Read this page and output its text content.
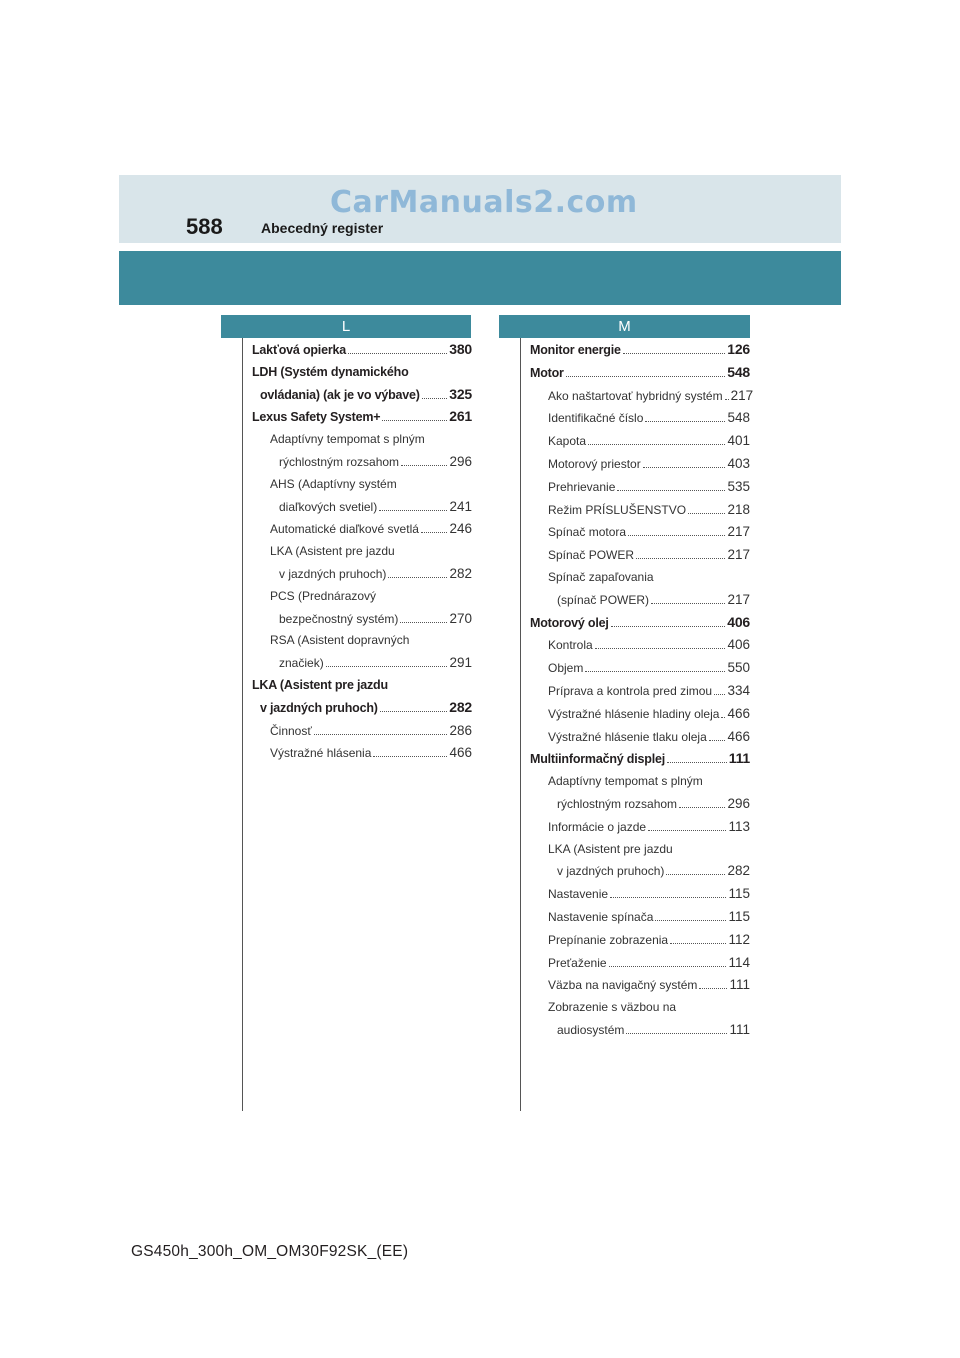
CarManuals2.com
588	Abecedný register
L	M
Lakťová opierka	380
LDH (Systém dynamického
ovládania) (ak je vo výbave) 325
Lexus Safety System+	261
Adaptívny tempomat s plným
rýchlostným rozsahom	296
AHS (Adaptívny systém
diaľkových svetiel)	241
Automatické diaľkové svetlá 246
LKA (Asistent pre jazdu
v jazdných pruhoch)	282
PCS (Prednárazový
bezpečnostný systém)	270
RSA (Asistent dopravných
značiek)	291
LKA (Asistent pre jazdu
v jazdných pruhoch)	282
Činnosť	286
Výstražné hlásenia	466
Monitor energie	126
Motor	548
Ako naštartovať hybridný systém 217
Identifikačné číslo	548
Kapota	401
Motorový priestor	403
Prehrievanie	535
Režim PRÍSLUŠENSTVO	218
Spínač motora	217
Spínač POWER	217
Spínač zapaľovania
(spínač POWER)	217
Motorový olej	406
Kontrola	406
Objem	550
Príprava a kontrola pred zimou 334
Výstražné hlásenie hladiny oleja 466
Výstražné hlásenie tlaku oleja 466
Multiinformačný displej	111
Adaptívny tempomat s plným
rýchlostným rozsahom	296
Informácie o jazde	113
LKA (Asistent pre jazdu
v jazdných pruhoch)	282
Nastavenie	115
Nastavenie spínača	115
Prepínanie zobrazenia	112
Preťaženie	114
Väzba na navigačný systém 111
Zobrazenie s väzbou na
audiosystém	111
GS450h_300h_OM_OM30F92SK_(EE)
